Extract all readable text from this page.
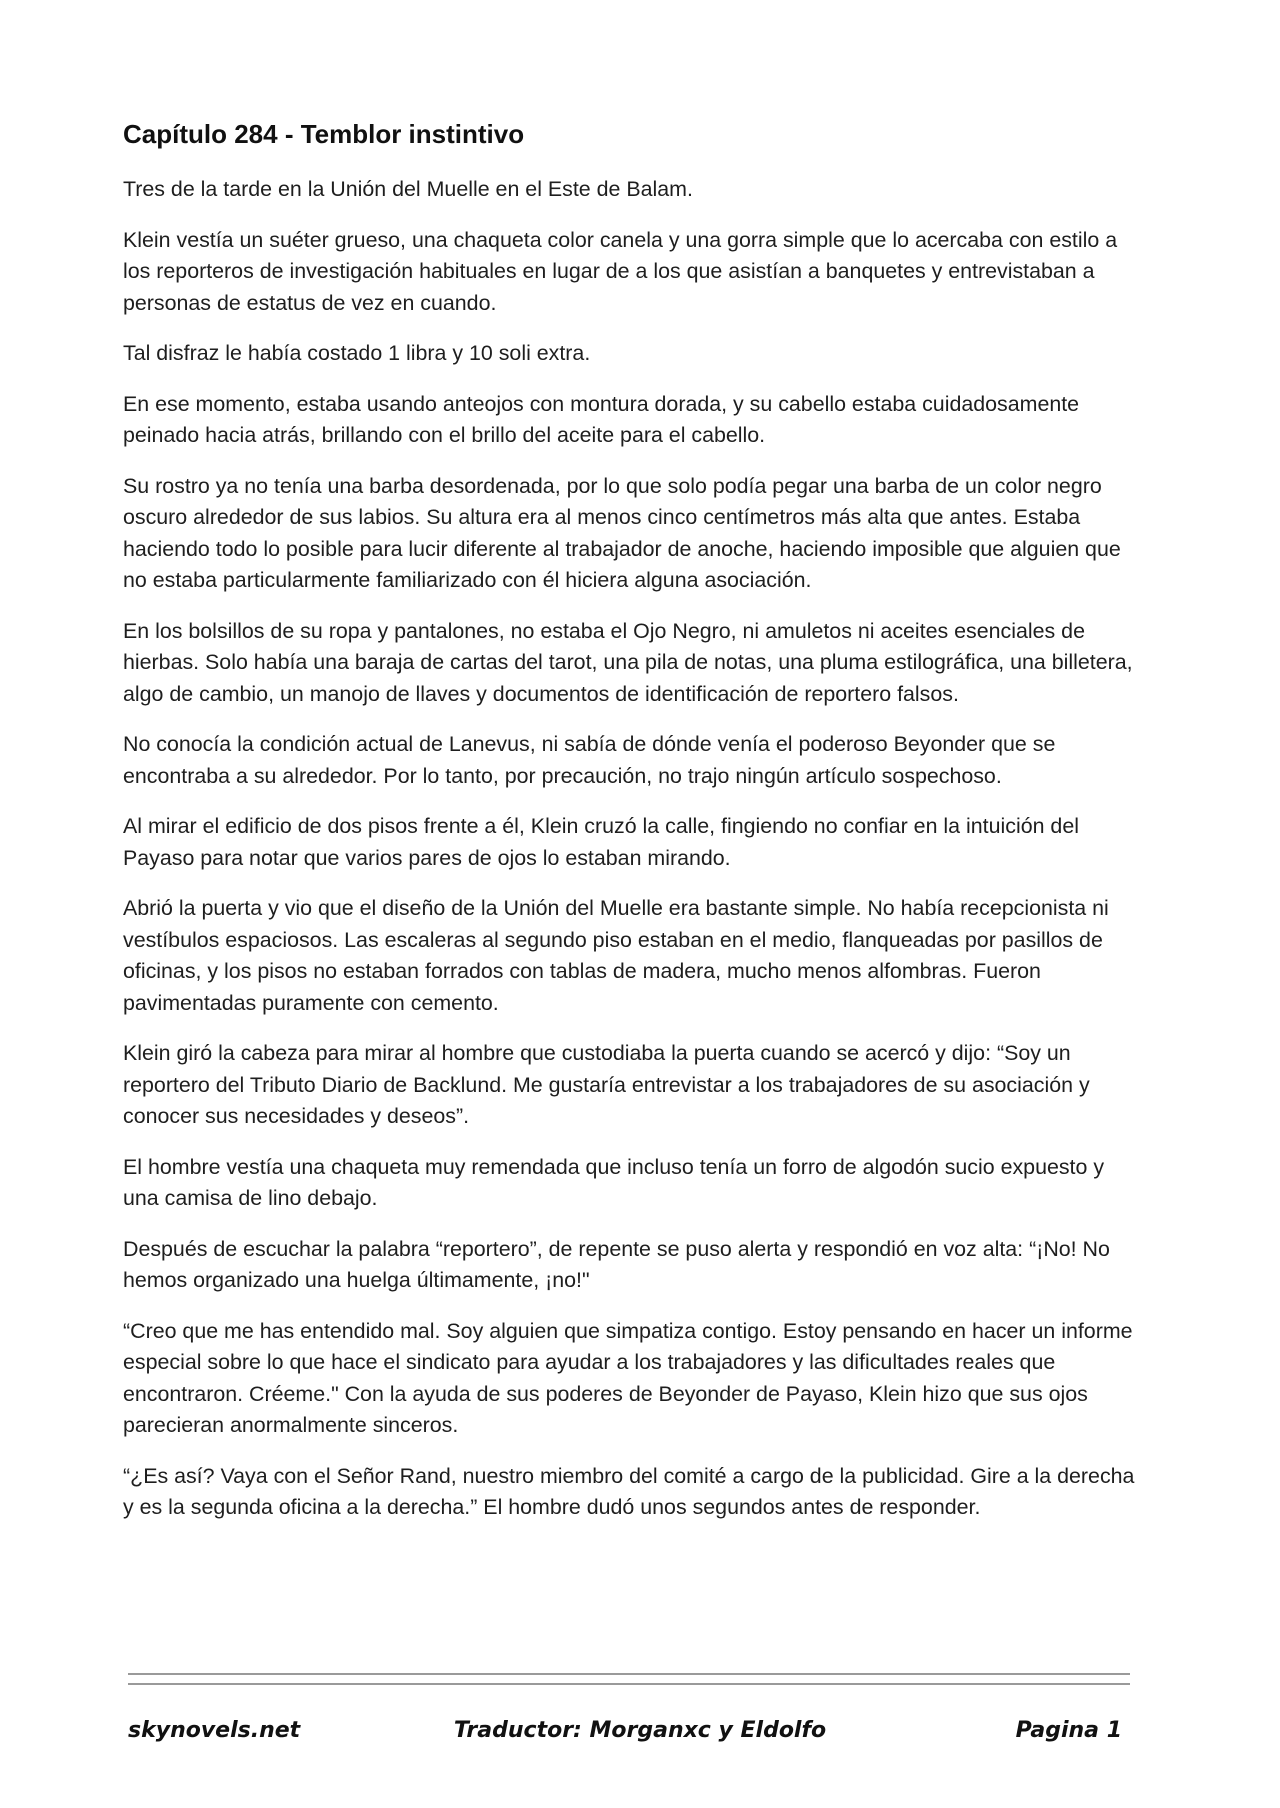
Capítulo 284 - Temblor instintivo

Tres de la tarde en la Unión del Muelle en el Este de Balam.

Klein vestía un suéter grueso, una chaqueta color canela y una gorra simple que lo acercaba con estilo a los reporteros de investigación habituales en lugar de a los que asistían a banquetes y entrevistaban a personas de estatus de vez en cuando.

Tal disfraz le había costado 1 libra y 10 soli extra.

En ese momento, estaba usando anteojos con montura dorada, y su cabello estaba cuidadosamente peinado hacia atrás, brillando con el brillo del aceite para el cabello.

Su rostro ya no tenía una barba desordenada, por lo que solo podía pegar una barba de un color negro oscuro alrededor de sus labios. Su altura era al menos cinco centímetros más alta que antes. Estaba haciendo todo lo posible para lucir diferente al trabajador de anoche, haciendo imposible que alguien que no estaba particularmente familiarizado con él hiciera alguna asociación.

En los bolsillos de su ropa y pantalones, no estaba el Ojo Negro, ni amuletos ni aceites esenciales de hierbas. Solo había una baraja de cartas del tarot, una pila de notas, una pluma estilográfica, una billetera, algo de cambio, un manojo de llaves y documentos de identificación de reportero falsos.

No conocía la condición actual de Lanevus, ni sabía de dónde venía el poderoso Beyonder que se encontraba a su alrededor. Por lo tanto, por precaución, no trajo ningún artículo sospechoso.

Al mirar el edificio de dos pisos frente a él, Klein cruzó la calle, fingiendo no confiar en la intuición del Payaso para notar que varios pares de ojos lo estaban mirando.

Abrió la puerta y vio que el diseño de la Unión del Muelle era bastante simple. No había recepcionista ni vestíbulos espaciosos. Las escaleras al segundo piso estaban en el medio, flanqueadas por pasillos de oficinas, y los pisos no estaban forrados con tablas de madera, mucho menos alfombras. Fueron pavimentadas puramente con cemento.

Klein giró la cabeza para mirar al hombre que custodiaba la puerta cuando se acercó y dijo: “Soy un reportero del Tributo Diario de Backlund. Me gustaría entrevistar a los trabajadores de su asociación y conocer sus necesidades y deseos”.

El hombre vestía una chaqueta muy remendada que incluso tenía un forro de algodón sucio expuesto y una camisa de lino debajo.

Después de escuchar la palabra “reportero”, de repente se puso alerta y respondió en voz alta: “¡No! No hemos organizado una huelga últimamente, ¡no!"

“Creo que me has entendido mal. Soy alguien que simpatiza contigo. Estoy pensando en hacer un informe especial sobre lo que hace el sindicato para ayudar a los trabajadores y las dificultades reales que encontraron. Créeme." Con la ayuda de sus poderes de Beyonder de Payaso, Klein hizo que sus ojos parecieran anormalmente sinceros.

“¿Es así? Vaya con el Señor Rand, nuestro miembro del comité a cargo de la publicidad. Gire a la derecha y es la segunda oficina a la derecha.” El hombre dudó unos segundos antes de responder.

skynovels.net	Traductor: Morganxc y Eldolfo	Pagina 1
